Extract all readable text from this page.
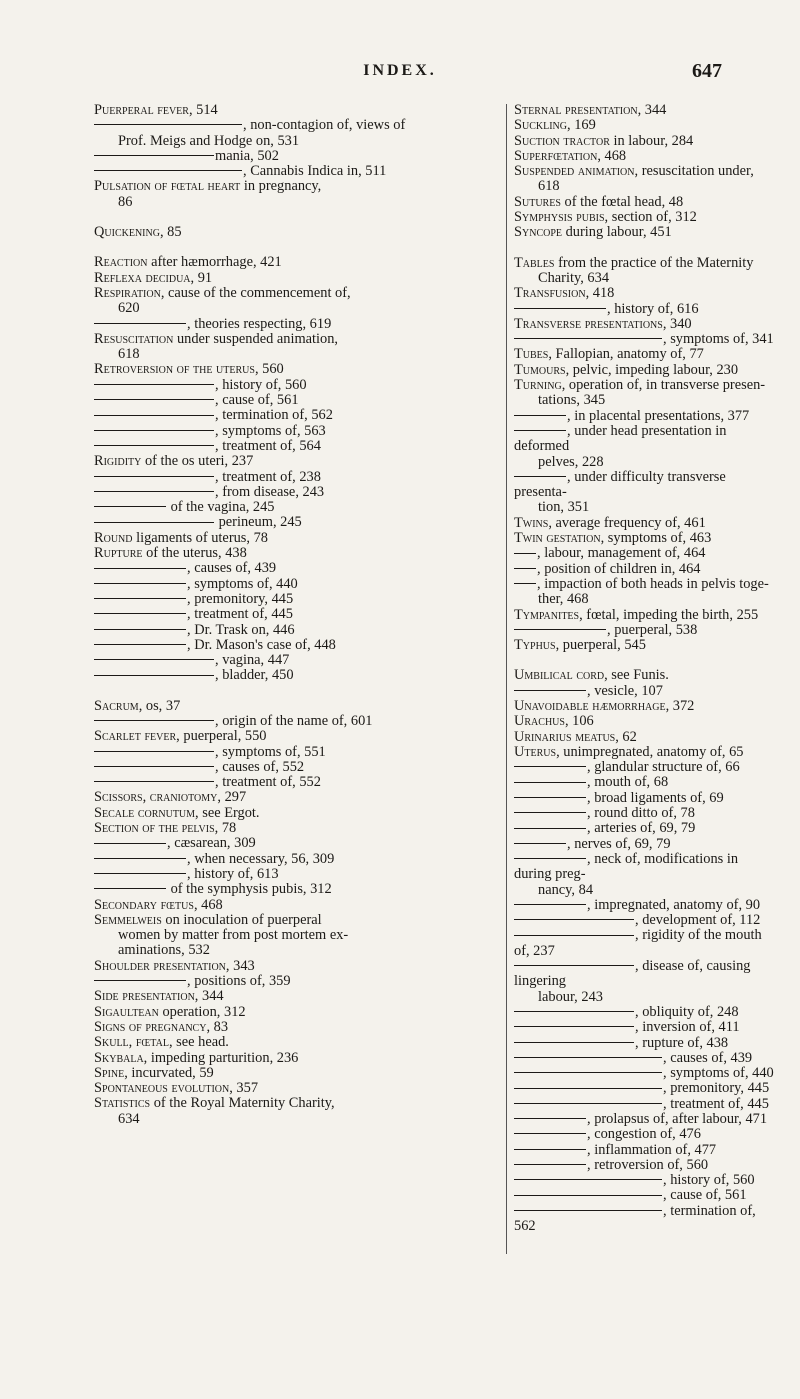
INDEX.	647

Puerperal fever, 514

, non-contagion of, views of

Prof. Meigs and Hodge on, 531

mania, 502

, Cannabis Indica in, 511

Pulsation of fœtal heart in pregnancy,

86

Quickening, 85

Reaction after hæmorrhage, 421

Reflexa decidua, 91

Respiration, cause of the commencement of,

620

, theories respecting, 619

Resuscitation under suspended animation,

618

Retroversion of the uterus, 560

, history of, 560

, cause of, 561

, termination of, 562

, symptoms of, 563

, treatment of, 564

Rigidity of the os uteri, 237

, treatment of, 238

, from disease, 243

of the vagina, 245

perineum, 245

Round ligaments of uterus, 78

Rupture of the uterus, 438

, causes of, 439

, symptoms of, 440

, premonitory, 445

, treatment of, 445

, Dr. Trask on, 446

, Dr. Mason's case of, 448

, vagina, 447

, bladder, 450

Sacrum, os, 37

, origin of the name of, 601

Scarlet fever, puerperal, 550

, symptoms of, 551

, causes of, 552

, treatment of, 552

Scissors, craniotomy, 297

Secale cornutum, see Ergot.

Section of the pelvis, 78

, cæsarean, 309

, when necessary, 56, 309

, history of, 613

of the symphysis pubis, 312

Secondary fœtus, 468

Semmelweis on inoculation of puerperal

women by matter from post mortem ex-

aminations, 532

Shoulder presentation, 343

, positions of, 359

Side presentation, 344

Sigaultean operation, 312

Signs of pregnancy, 83

Skull, fœtal, see head.

Skybala, impeding parturition, 236

Spine, incurvated, 59

Spontaneous evolution, 357

Statistics of the Royal Maternity Charity,

634

Sternal presentation, 344

Suckling, 169

Suction tractor in labour, 284

Superfœtation, 468

Suspended animation, resuscitation under,

618

Sutures of the fœtal head, 48

Symphysis pubis, section of, 312

Syncope during labour, 451

Tables from the practice of the Maternity

Charity, 634

Transfusion, 418

, history of, 616

Transverse presentations, 340

, symptoms of, 341

Tubes, Fallopian, anatomy of, 77

Tumours, pelvic, impeding labour, 230

Turning, operation of, in transverse presen-

tations, 345

, in placental presentations, 377

, under head presentation in deformed

pelves, 228

, under difficulty transverse presenta-

tion, 351

Twins, average frequency of, 461

Twin gestation, symptoms of, 463

, labour, management of, 464

, position of children in, 464

, impaction of both heads in pelvis toge-

ther, 468

Tympanites, fœtal, impeding the birth, 255

, puerperal, 538

Typhus, puerperal, 545

Umbilical cord, see Funis.

, vesicle, 107

Unavoidable hæmorrhage, 372

Urachus, 106

Urinarius meatus, 62

Uterus, unimpregnated, anatomy of, 65

, glandular structure of, 66

, mouth of, 68

, broad ligaments of, 69

, round ditto of, 78

, arteries of, 69, 79

, nerves of, 69, 79

, neck of, modifications in during preg-

nancy, 84

, impregnated, anatomy of, 90

, development of, 112

, rigidity of the mouth of, 237

, disease of, causing lingering

labour, 243

, obliquity of, 248

, inversion of, 411

, rupture of, 438

, causes of, 439

, symptoms of, 440

, premonitory, 445

, treatment of, 445

, prolapsus of, after labour, 471

, congestion of, 476

, inflammation of, 477

, retroversion of, 560

, history of, 560

, cause of, 561

, termination of, 562
